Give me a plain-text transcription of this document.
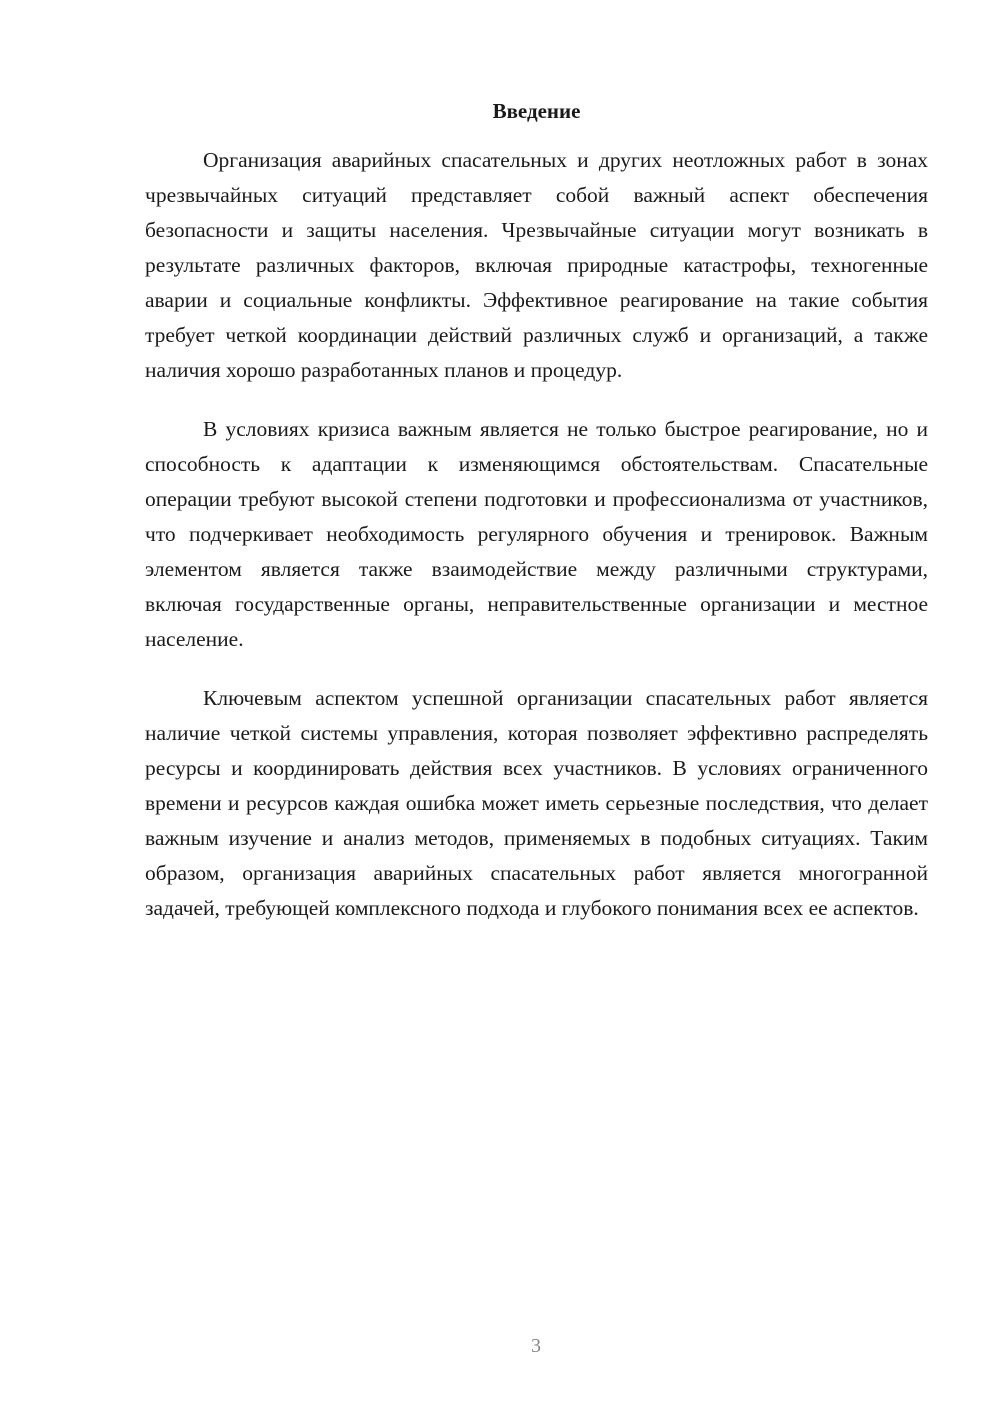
Введение

Организация аварийных спасательных и других неотложных работ в зонах чрезвычайных ситуаций представляет собой важный аспект обеспечения безопасности и защиты населения. Чрезвычайные ситуации могут возникать в результате различных факторов, включая природные катастрофы, техногенные аварии и социальные конфликты. Эффективное реагирование на такие события требует четкой координации действий различных служб и организаций, а также наличия хорошо разработанных планов и процедур.

В условиях кризиса важным является не только быстрое реагирование, но и способность к адаптации к изменяющимся обстоятельствам. Спасательные операции требуют высокой степени подготовки и профессионализма от участников, что подчеркивает необходимость регулярного обучения и тренировок. Важным элементом является также взаимодействие между различными структурами, включая государственные органы, неправительственные организации и местное население.

Ключевым аспектом успешной организации спасательных работ является наличие четкой системы управления, которая позволяет эффективно распределять ресурсы и координировать действия всех участников. В условиях ограниченного времени и ресурсов каждая ошибка может иметь серьезные последствия, что делает важным изучение и анализ методов, применяемых в подобных ситуациях. Таким образом, организация аварийных спасательных работ является многогранной задачей, требующей комплексного подхода и глубокого понимания всех ее аспектов.

3
